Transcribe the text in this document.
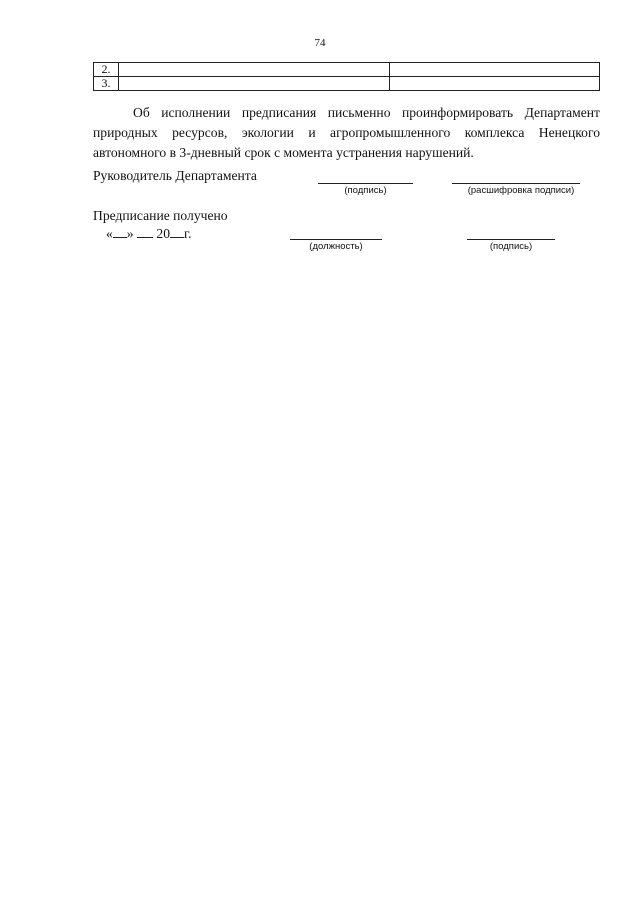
74
2.		
3.		

Об исполнении предписания письменно проинформировать Департамент природных ресурсов, экологии и агропромышленного комплекса Ненецкого автономного в 3-дневный срок с момента устранения нарушений.

Руководитель Департамента
(подпись)	(расшифровка подписи)
Предписание получено
« » 20 г.
(должность)	(подпись)
